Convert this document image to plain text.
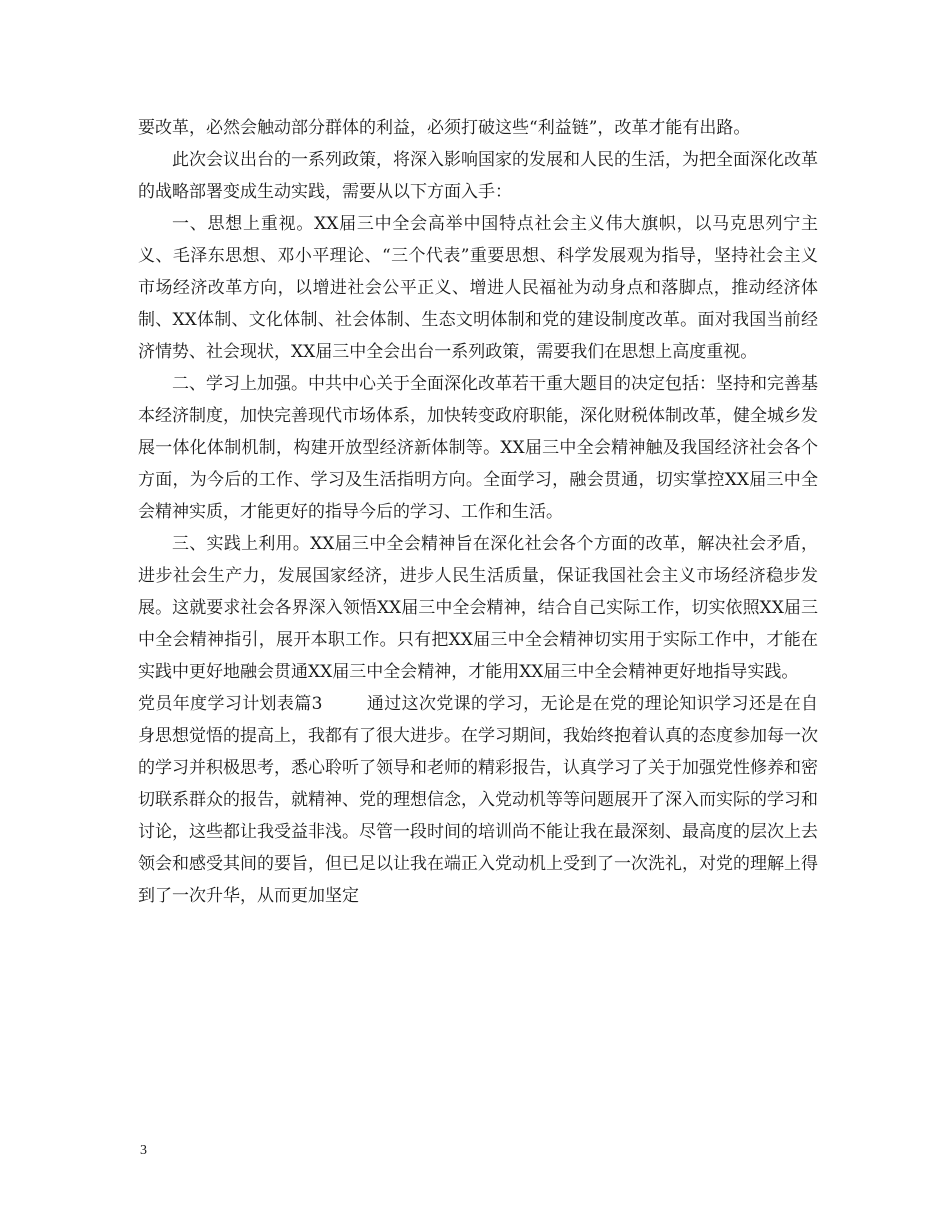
要改革，必然会触动部分群体的利益，必须打破这些“利益链”，改革才能有出路。

此次会议出台的一系列政策，将深入影响国家的发展和人民的生活，为把全面深化改革的战略部署变成生动实践，需要从以下方面入手：

一、思想上重视。XX届三中全会高举中国特点社会主义伟大旗帜，以马克思列宁主义、毛泽东思想、邓小平理论、“三个代表”重要思想、科学发展观为指导，坚持社会主义市场经济改革方向，以增进社会公平正义、增进人民福祉为动身点和落脚点，推动经济体制、XX体制、文化体制、社会体制、生态文明体制和党的建设制度改革。面对我国当前经济情势、社会现状，XX届三中全会出台一系列政策，需要我们在思想上高度重视。

二、学习上加强。中共中心关于全面深化改革若干重大题目的决定包括：坚持和完善基本经济制度，加快完善现代市场体系，加快转变政府职能，深化财税体制改革，健全城乡发展一体化体制机制，构建开放型经济新体制等。XX届三中全会精神触及我国经济社会各个方面，为今后的工作、学习及生活指明方向。全面学习，融会贯通，切实掌控XX届三中全会精神实质，才能更好的指导今后的学习、工作和生活。

三、实践上利用。XX届三中全会精神旨在深化社会各个方面的改革，解决社会矛盾，进步社会生产力，发展国家经济，进步人民生活质量，保证我国社会主义市场经济稳步发展。这就要求社会各界深入领悟XX届三中全会精神，结合自己实际工作，切实依照XX届三中全会精神指引，展开本职工作。只有把XX届三中全会精神切实用于实际工作中，才能在实践中更好地融会贯通XX届三中全会精神，才能用XX届三中全会精神更好地指导实践。

党员年度学习计划表篇3	通过这次党课的学习，无论是在党的理论知识学习还是在自身思想觉悟的提高上，我都有了很大进步。在学习期间，我始终抱着认真的态度参加每一次的学习并积极思考，悉心聆听了领导和老师的精彩报告，认真学习了关于加强党性修养和密切联系群众的报告，就精神、党的理想信念，入党动机等等问题展开了深入而实际的学习和讨论，这些都让我受益非浅。尽管一段时间的培训尚不能让我在最深刻、最高度的层次上去领会和感受其间的要旨，但已足以让我在端正入党动机上受到了一次洗礼，对党的理解上得到了一次升华，从而更加坚定

3
